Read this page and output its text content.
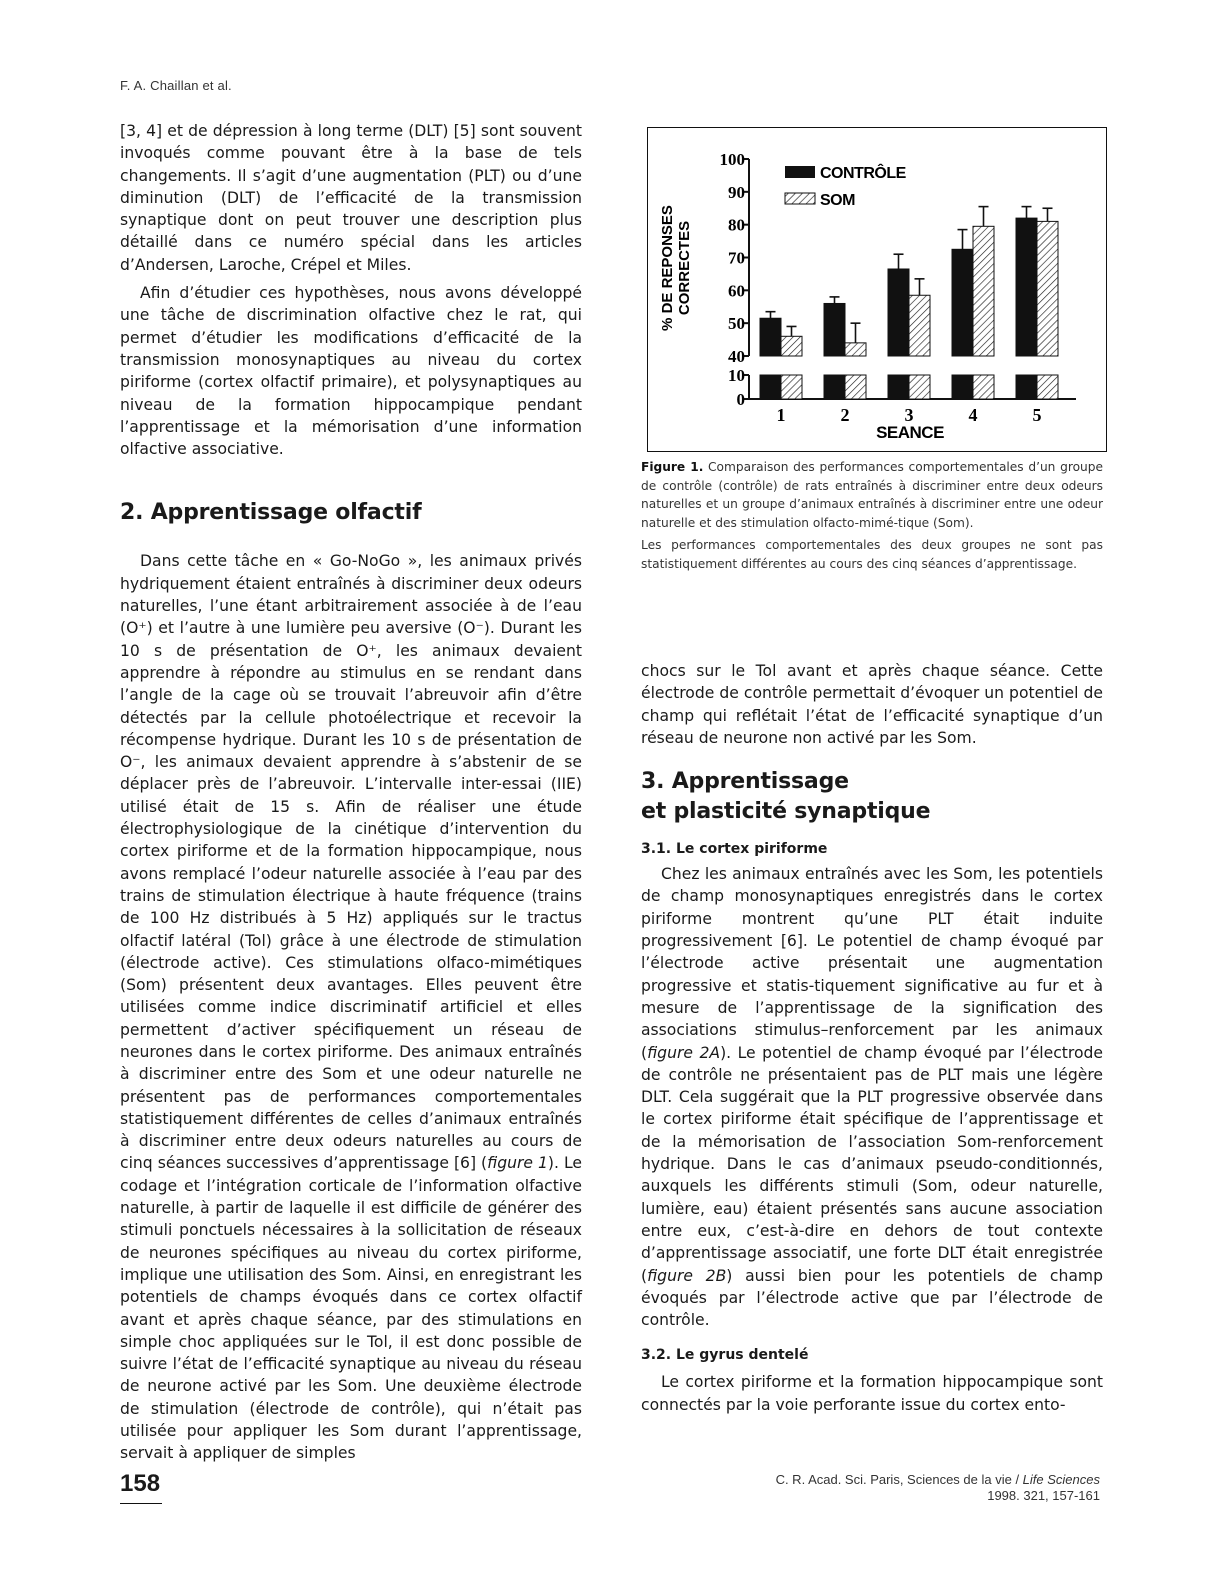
F. A. Chaillan et al.

[3, 4] et de dépression à long terme (DLT) [5] sont souvent invoqués comme pouvant être à la base de tels changements. Il s’agit d’une augmentation (PLT) ou d’une diminution (DLT) de l’efficacité de la transmission synaptique dont on peut trouver une description plus détaillé dans ce numéro spécial dans les articles d’Andersen, Laroche, Crépel et Miles.

Afin d’étudier ces hypothèses, nous avons développé une tâche de discrimination olfactive chez le rat, qui permet d’étudier les modifications d’efficacité de la transmission monosynaptiques au niveau du cortex piriforme (cortex olfactif primaire), et polysynaptiques au niveau de la formation hippocampique pendant l’apprentissage et la mémorisation d’une information olfactive associative.

2. Apprentissage olfactif

Dans cette tâche en « Go-NoGo », les animaux privés hydriquement étaient entraînés à discriminer deux odeurs naturelles, l’une étant arbitrairement associée à de l’eau (O⁺) et l’autre à une lumière peu aversive (O⁻). Durant les 10 s de présentation de O⁺, les animaux devaient apprendre à répondre au stimulus en se rendant dans l’angle de la cage où se trouvait l’abreuvoir afin d’être détectés par la cellule photoélectrique et recevoir la récompense hydrique. Durant les 10 s de présentation de O⁻, les animaux devaient apprendre à s’abstenir de se déplacer près de l’abreuvoir. L’intervalle inter-essai (IIE) utilisé était de 15 s. Afin de réaliser une étude électrophysiologique de la cinétique d’intervention du cortex piriforme et de la formation hippocampique, nous avons remplacé l’odeur naturelle associée à l’eau par des trains de stimulation électrique à haute fréquence (trains de 100 Hz distribués à 5 Hz) appliqués sur le tractus olfactif latéral (Tol) grâce à une électrode de stimulation (électrode active). Ces stimulations olfaco-mimétiques (Som) présentent deux avantages. Elles peuvent être utilisées comme indice discriminatif artificiel et elles permettent d’activer spécifiquement un réseau de neurones dans le cortex piriforme. Des animaux entraînés à discriminer entre des Som et une odeur naturelle ne présentent pas de performances comportementales statistiquement différentes de celles d’animaux entraînés à discriminer entre deux odeurs naturelles au cours de cinq séances successives d’apprentissage [6] (figure 1). Le codage et l’intégration corticale de l’information olfactive naturelle, à partir de laquelle il est difficile de générer des stimuli ponctuels nécessaires à la sollicitation de réseaux de neurones spécifiques au niveau du cortex piriforme, implique une utilisation des Som. Ainsi, en enregistrant les potentiels de champs évoqués dans ce cortex olfactif avant et après chaque séance, par des stimulations en simple choc appliquées sur le Tol, il est donc possible de suivre l’état de l’efficacité synaptique au niveau du réseau de neurone activé par les Som. Une deuxième électrode de stimulation (électrode de contrôle), qui n’était pas utilisée pour appliquer les Som durant l’apprentissage, servait à appliquer de simples

0
10
40
50
60
70
80
90
100
% DE REPONSES CORRECTES
1	2	3	4	5
SEANCE
CONTRÔLE
SOM

Figure 1. Comparaison des performances comportementales d’un groupe de contrôle (contrôle) de rats entraînés à discriminer entre deux odeurs naturelles et un groupe d’animaux entraînés à discriminer entre une odeur naturelle et des stimulation olfacto-mimé-tique (Som).

Les performances comportementales des deux groupes ne sont pas statistiquement différentes au cours des cinq séances d’apprentissage.

chocs sur le Tol avant et après chaque séance. Cette électrode de contrôle permettait d’évoquer un potentiel de champ qui reflétait l’état de l’efficacité synaptique d’un réseau de neurone non activé par les Som.

3. Apprentissage
et plasticité synaptique
3.1. Le cortex piriforme

Chez les animaux entraînés avec les Som, les potentiels de champ monosynaptiques enregistrés dans le cortex piriforme montrent qu’une PLT était induite progressivement [6]. Le potentiel de champ évoqué par l’électrode active présentait une augmentation progressive et statis-tiquement significative au fur et à mesure de l’apprentissage de la signification des associations stimulus–renforcement par les animaux (figure 2A). Le potentiel de champ évoqué par l’électrode de contrôle ne présentaient pas de PLT mais une légère DLT. Cela suggérait que la PLT progressive observée dans le cortex piriforme était spécifique de l’apprentissage et de la mémorisation de l’association Som-renforcement hydrique. Dans le cas d’animaux pseudo-conditionnés, auxquels les différents stimuli (Som, odeur naturelle, lumière, eau) étaient présentés sans aucune association entre eux, c’est-à-dire en dehors de tout contexte d’apprentissage associatif, une forte DLT était enregistrée (figure 2B) aussi bien pour les potentiels de champ évoqués par l’électrode active que par l’électrode de contrôle.

3.2. Le gyrus dentelé

Le cortex piriforme et la formation hippocampique sont connectés par la voie perforante issue du cortex ento-

158	C. R. Acad. Sci. Paris, Sciences de la vie / Life Sciences
1998. 321, 157-161
